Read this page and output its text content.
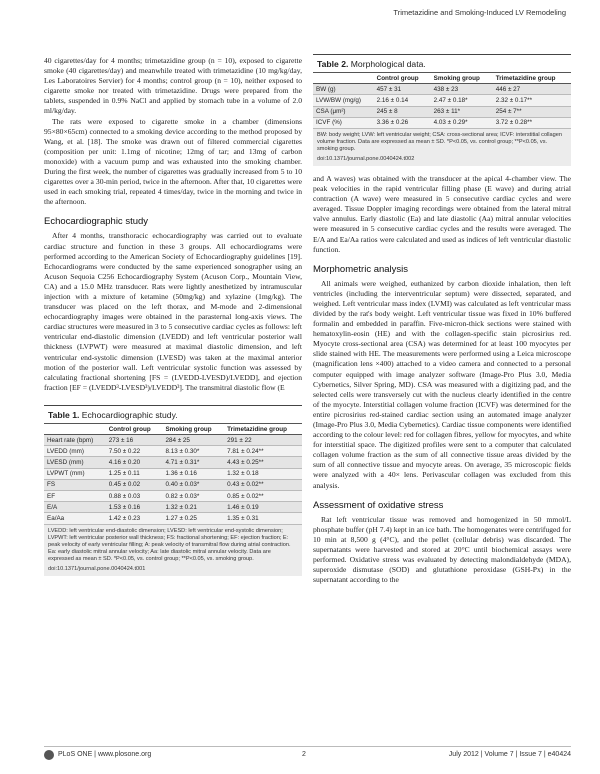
Trimetazidine and Smoking-Induced LV Remodeling

40 cigarettes/day for 4 months; trimetazidine group (n = 10), exposed to cigarette smoke (40 cigarettes/day) and meanwhile treated with trimetazidine (10 mg/kg/day, Les Laboratoires Servier) for 4 months; control group (n = 10), neither exposed to cigarette smoke nor treated with trimetazidine. Drugs were prepared from the tablets, suspended in 0.9% NaCl and applied by stomach tube in a volume of 2.0 ml/kg/day.

The rats were exposed to cigarette smoke in a chamber (dimensions 95×80×65cm) connected to a smoking device according to the method proposed by Wang, et al. [18]. The smoke was drawn out of filtered commercial cigarettes (composition per unit: 1.1mg of nicotine; 12mg of tar; and 13mg of carbon monoxide) with a vacuum pump and was exhausted into the smoking chamber. During the first week, the number of cigarettes was gradually increased from 5 to 10 cigarettes over a 30-min period, twice in the afternoon. After that, 10 cigarettes were used in each smoking trial, repeated 4 times/day, twice in the morning and twice in the afternoon.

Echocardiographic study

After 4 months, transthoracic echocardiography was carried out to evaluate cardiac structure and function in these 3 groups. All echocardiograms were performed according to the American Society of Echocardiography guidelines [19]. Echocardiograms were conducted by the same experienced sonographer using an Acuson Sequoia C256 Echocardiography System (Acuson Corp., Mountain View, CA) and a 15.0 MHz transducer. Rats were lightly anesthetized by intramuscular injection with a mixture of ketamine (50mg/kg) and xylazine (1mg/kg). The transducer was placed on the left thorax, and M-mode and 2-dimensional echocardiography images were obtained in the parasternal long-axis views. The cardiac structures were measured in 3 to 5 consecutive cardiac cycles as follows: left ventricular end-diastolic dimension (LVEDD) and left ventricular posterior wall thickness (LVPWT) were measured at maximal diastolic dimension, and left ventricular end-systolic dimension (LVESD) was taken at the maximal anterior motion of the posterior wall. Left ventricular systolic function was assessed by calculating fractional shortening [FS = (LVEDD-LVESD)/LVEDD], and ejection fraction [EF = (LVEDD³-LVESD³)/LVEDD³]. The transmitral diastolic flow (E

Table 1. Echocardiographic study.
	Control group	Smoking group	Trimetazidine group
Heart rate (bpm)	273 ± 16	284 ± 25	291 ± 22
LVEDD (mm)	7.50 ± 0.22	8.13 ± 0.30*	7.81 ± 0.24**
LVESD (mm)	4.16 ± 0.20	4.71 ± 0.31*	4.43 ± 0.25**
LVPWT (mm)	1.25 ± 0.11	1.36 ± 0.16	1.32 ± 0.18
FS	0.45 ± 0.02	0.40 ± 0.03*	0.43 ± 0.02**
EF	0.88 ± 0.03	0.82 ± 0.03*	0.85 ± 0.02**
E/A	1.53 ± 0.16	1.32 ± 0.21	1.46 ± 0.19
Ea/Aa	1.42 ± 0.23	1.27 ± 0.25	1.35 ± 0.31
LVEDD: left ventricular end-diastolic dimension; LVESD: left ventricular end-systolic dimension; LVPWT: left ventricular posterior wall thickness; FS: fractional shortening; EF: ejection fraction; E: peak velocity of early ventricular filling; A: peak velocity of transmitral flow during atrial contraction. Ea: early diastolic mitral annular velocity; Aa: late diastolic mitral annular velocity. Data are expressed as mean ± SD. *P<0.05, vs. control group; **P<0.05, vs. smoking group.
doi:10.1371/journal.pone.0040424.t001
Table 2. Morphological data.
	Control group	Smoking group	Trimetazidine group
BW (g)	457 ± 31	438 ± 23	446 ± 27
LVW/BW (mg/g)	2.16 ± 0.14	2.47 ± 0.18*	2.32 ± 0.17**
CSA (μm²)	245 ± 8	263 ± 11*	254 ± 7**
ICVF (%)	3.36 ± 0.26	4.03 ± 0.29*	3.72 ± 0.28**
BW: body weight; LVW: left ventricular weight; CSA: cross-sectional area; ICVF: interstitial collagen volume fraction. Data are expressed as mean ± SD. *P<0.05, vs. control group; **P<0.05, vs. smoking group.
doi:10.1371/journal.pone.0040424.t002

and A waves) was obtained with the transducer at the apical 4-chamber view. The peak velocities in the rapid ventricular filling phase (E wave) and during atrial contraction (A wave) were measured in 5 consecutive cardiac cycles and were averaged. Tissue Doppler imaging recordings were obtained from the lateral mitral valve annulus. Early diastolic (Ea) and late diastolic (Aa) mitral annular velocities were measured in 5 consecutive cardiac cycles and the results were averaged. The E/A and Ea/Aa ratios were calculated and used as indices of left ventricular diastolic function.

Morphometric analysis

All animals were weighed, euthanized by carbon dioxide inhalation, then left ventricles (including the interventricular septum) were dissected, separated, and weighed. Left ventricular mass index (LVMI) was calculated as left ventricular mass divided by the rat's body weight. Left ventricular tissue was fixed in 10% buffered formalin and embedded in paraffin. Five-micron-thick sections were stained with hematoxylin-eosin (HE) and with the collagen-specific stain picrosirius red. Myocyte cross-sectional area (CSA) was determined for at least 100 myocytes per slide stained with HE. The measurements were performed using a Leica microscope (magnification lens ×400) attached to a video camera and connected to a personal computer equipped with image analyzer software (Image-Pro Plus 3.0, Media Cybernetics, Silver Spring, MD). CSA was measured with a digitizing pad, and the selected cells were transversely cut with the nucleus clearly identified in the centre of the myocyte. Interstitial collagen volume fraction (ICVF) was determined for the entire picrosirius red-stained cardiac section using an automated image analyzer (Image-Pro Plus 3.0, Media Cybernetics). Cardiac tissue components were identified according to the colour level: red for collagen fibres, yellow for myocytes, and white for interstitial space. The digitized profiles were sent to a computer that calculated collagen volume fraction as the sum of all connective tissue areas divided by the sum of all connective tissue and myocyte areas. On average, 35 microscopic fields were analyzed with a 40× lens. Perivascular collagen was excluded from this analysis.

Assessment of oxidative stress

Rat left ventricular tissue was removed and homogenized in 50 mmol/L phosphate buffer (pH 7.4) kept in an ice bath. The homogenates were centrifuged for 10 min at 8,500 g (4°C), and the pellet (cellular debris) was discarded. The supernatants were harvested and stored at 20°C until biochemical assays were performed. Oxidative stress was evaluated by detecting malondialdehyde (MDA), superoxide dismutase (SOD) and glutathione peroxidase (GSH-Px) in the supernatant according to the

PLoS ONE | www.plosone.org	2	July 2012 | Volume 7 | Issue 7 | e40424
